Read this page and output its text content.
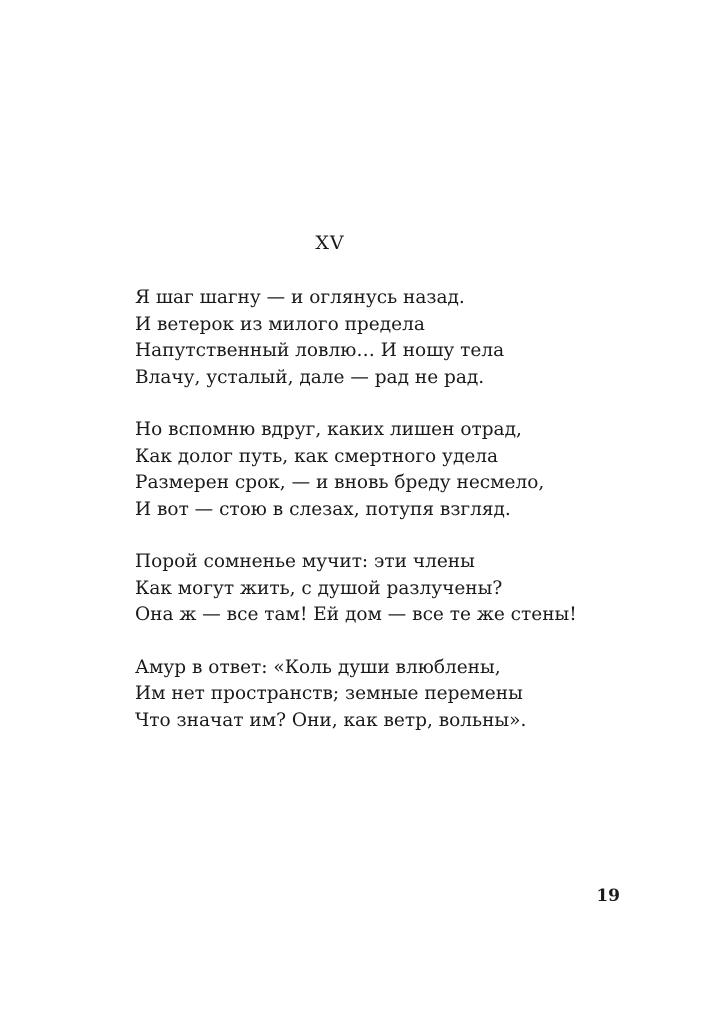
XV
Я шаг шагну — и оглянусь назад.
И ветерок из милого предела
Напутственный ловлю… И ношу тела
Влачу, усталый, дале — рад не рад.
Но вспомню вдруг, каких лишен отрад,
Как долог путь, как смертного удела
Размерен срок, — и вновь бреду несмело,
И вот — стою в слезах, потупя взгляд.
Порой сомненье мучит: эти члены
Как могут жить, с душой разлучены?
Она ж — все там! Ей дом — все те же стены!
Амур в ответ: «Коль души влюблены,
Им нет пространств; земные перемены
Что значат им? Они, как ветр, вольны».
19
